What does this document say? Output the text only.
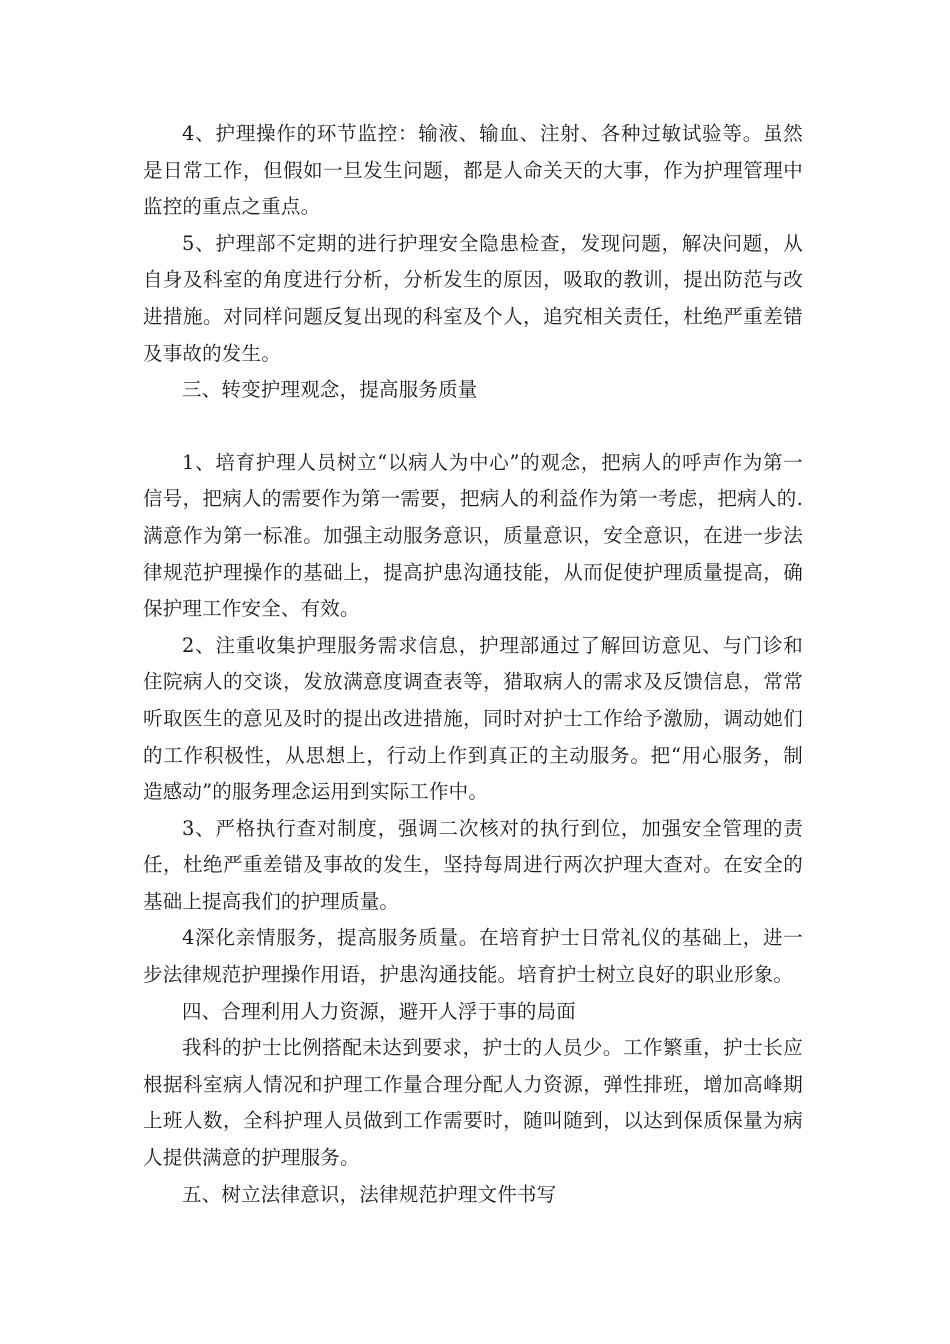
4、护理操作的环节监控：输液、输血、注射、各种过敏试验等。虽然是日常工作，但假如一旦发生问题，都是人命关天的大事，作为护理管理中监控的重点之重点。

5、护理部不定期的进行护理安全隐患检查，发现问题，解决问题，从自身及科室的角度进行分析，分析发生的原因，吸取的教训，提出防范与改进措施。对同样问题反复出现的科室及个人，追究相关责任，杜绝严重差错及事故的发生。

三、转变护理观念，提高服务质量

1、培育护理人员树立“以病人为中心”的观念，把病人的呼声作为第一信号，把病人的需要作为第一需要，把病人的利益作为第一考虑，把病人的.满意作为第一标准。加强主动服务意识，质量意识，安全意识，在进一步法律规范护理操作的基础上，提高护患沟通技能，从而促使护理质量提高，确保护理工作安全、有效。

2、注重收集护理服务需求信息，护理部通过了解回访意见、与门诊和住院病人的交谈，发放满意度调查表等，猎取病人的需求及反馈信息，常常听取医生的意见及时的提出改进措施，同时对护士工作给予激励，调动她们的工作积极性，从思想上，行动上作到真正的主动服务。把“用心服务，制造感动”的服务理念运用到实际工作中。

3、严格执行查对制度，强调二次核对的执行到位，加强安全管理的责任，杜绝严重差错及事故的发生，坚持每周进行两次护理大查对。在安全的基础上提高我们的护理质量。

4深化亲情服务，提高服务质量。在培育护士日常礼仪的基础上，进一步法律规范护理操作用语，护患沟通技能。培育护士树立良好的职业形象。

四、合理利用人力资源，避开人浮于事的局面

我科的护士比例搭配未达到要求，护士的人员少。工作繁重，护士长应根据科室病人情况和护理工作量合理分配人力资源，弹性排班，增加高峰期上班人数，全科护理人员做到工作需要时，随叫随到，以达到保质保量为病人提供满意的护理服务。

五、树立法律意识，法律规范护理文件书写
